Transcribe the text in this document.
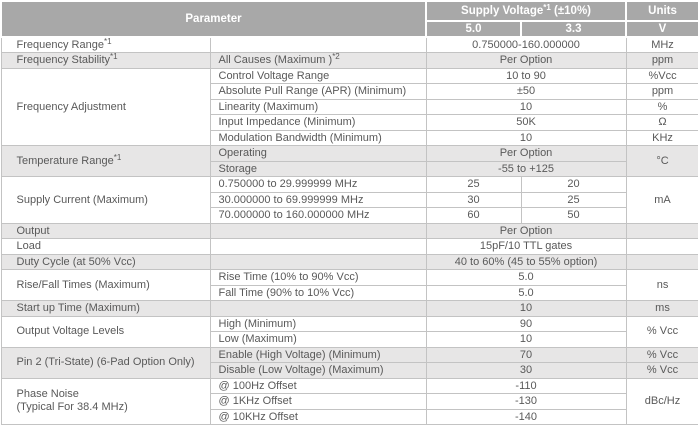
Parameter		Supply Voltage$^{*1}$ (±10%)		Units
		5.0	3.3	V
Frequency Range$^{*1}$		0.750000-160.000000		MHz
Frequency Stability$^{*1}$	All Causes (Maximum )$^{*2}$	Per Option		ppm
Frequency Adjustment	Control Voltage Range	10 to 90		%Vcc
	Absolute Pull Range (APR) (Minimum)	±50		ppm
	Linearity (Maximum)	10		%
	Input Impedance (Minimum)	50K		Ω
	Modulation Bandwidth (Minimum)	10		KHz
Temperature Range$^{*1}$	Operating	Per Option		°C
	Storage	-55 to +125		
Supply Current (Maximum)	0.750000 to 29.999999 MHz	25	20	mA
	30.000000 to 69.999999 MHz	30	25	
	70.000000 to 160.000000 MHz	60	50	
Output		Per Option		
Load		15pF/10 TTL gates		
Duty Cycle (at 50% Vcc)		40 to 60% (45 to 55% option)		
Rise/Fall Times (Maximum)	Rise Time (10% to 90% Vcc)	5.0		ns
	Fall Time (90% to 10% Vcc)	5.0		
Start up Time (Maximum)		10		ms
Output Voltage Levels	High (Minimum)	90		% Vcc
	Low (Maximum)	10		
Pin 2 (Tri-State) (6-Pad Option Only)	Enable (High Voltage) (Minimum)	70		% Vcc
	Disable (Low Voltage) (Maximum)	30		% Vcc

Phase Noise
(Typical For 38.4 MHz)	@ 100Hz Offset	-110		dBc/Hz
	@ 1KHz Offset	-130		
	@ 10KHz Offset	-140		
